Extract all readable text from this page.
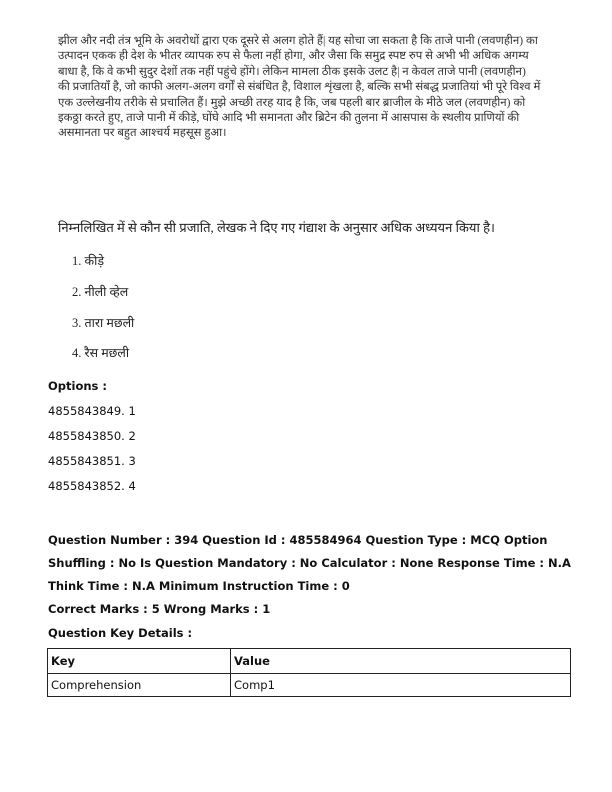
झील और नदी तंत्र भूमि के अवरोधों द्वारा एक दूसरे से अलग होते हैं| यह सोचा जा सकता है कि ताजे पानी (लवणहीन) का
उत्पादन एकक ही देश के भीतर व्यापक रुप से फैला नहीं होगा, और जैसा कि समुद्र स्पष्ट रुप से अभी भी अधिक अगम्य
बाधा है, कि वे कभी सुदुर देशों तक नहीं पहुंचे होंगे। लेकिन मामला ठीक इसके उलट है| न केवल ताजे पानी (लवणहीन)
की प्रजातियाँ है, जो काफी अलग-अलग वर्गों से संबंधित है, विशाल शृंखला है, बल्कि सभी संबद्ध प्रजातियां भी पूरे विश्व में
एक उल्लेखनीय तरीके से प्रचालित हैं। मुझे अच्छी तरह याद है कि, जब पहली बार ब्राजील के मीठे जल (लवणहीन) को
इकठ्ठा करते हुए, ताजे पानी में कीड़े, घोंघे आदि भी समानता और ब्रिटेन की तुलना में आसपास के स्थलीय प्राणियों की
असमानता पर बहुत आश्चर्य महसूस हुआ।
निम्नलिखित में से कौन सी प्रजाति, लेखक ने दिए गए गंद्याश के अनुसार अधिक अध्ययन किया है।
1. कीड़े
2. नीली व्हेल
3. तारा मछली
4. रैस मछली
Options :
4855843849. 1
4855843850. 2
4855843851. 3
4855843852. 4
Question Number : 394 Question Id : 485584964 Question Type : MCQ Option Shuffling : No Is Question Mandatory : No Calculator : None Response Time : N.A Think Time : N.A Minimum Instruction Time : 0
Correct Marks : 5 Wrong Marks : 1
Question Key Details :
Key	Value
Comprehension	Comp1
